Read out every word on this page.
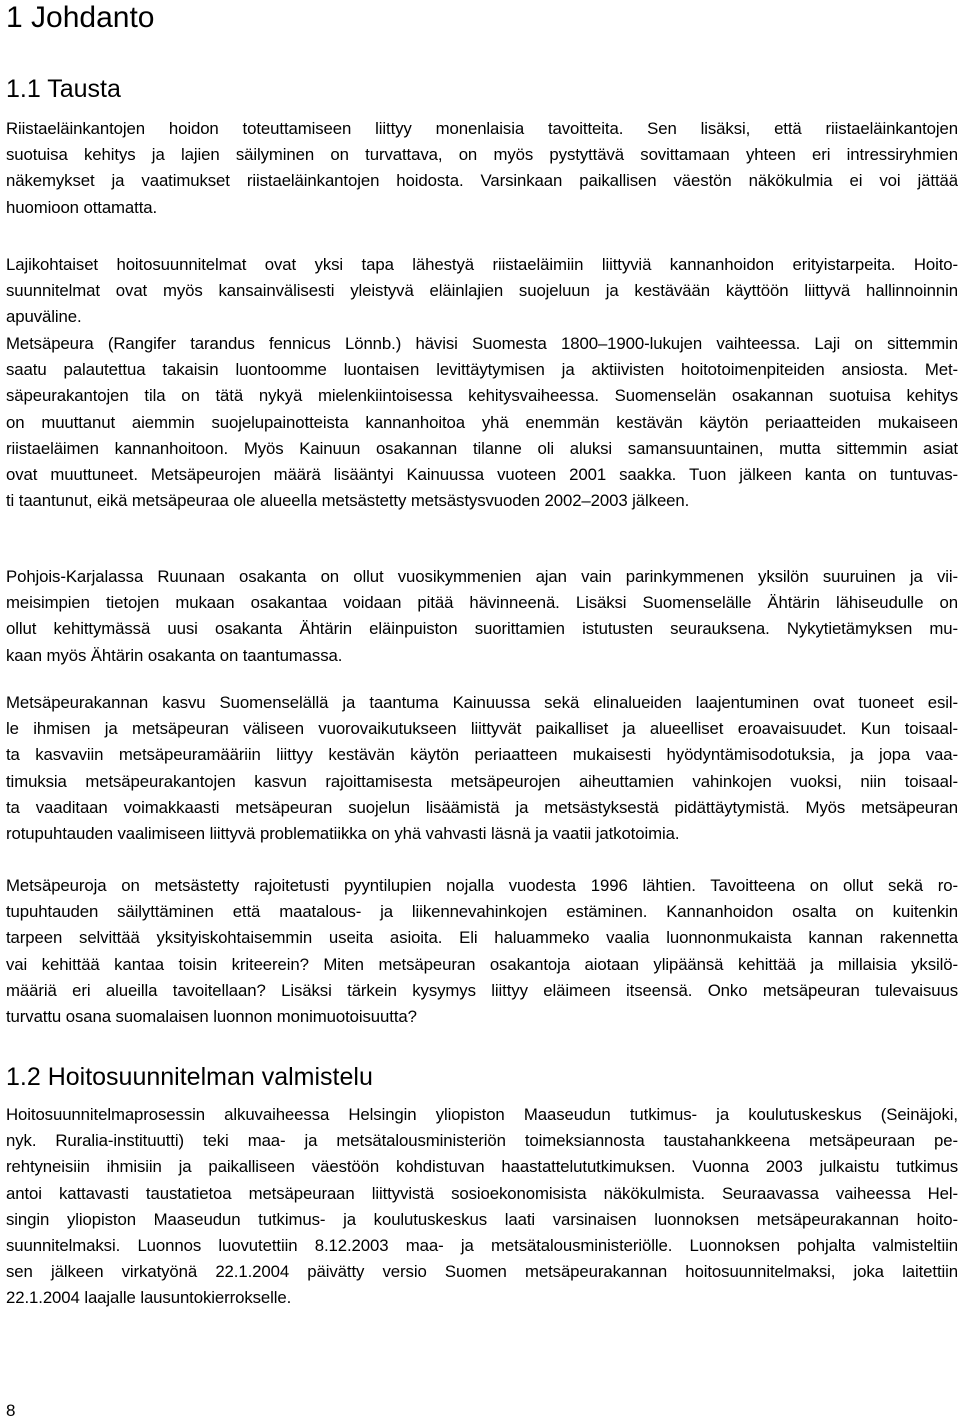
1 Johdanto
1.1 Tausta
Riistaeläinkantojen hoidon toteuttamiseen liittyy monenlaisia tavoitteita. Sen lisäksi, että riistaeläinkantojen
suotuisa kehitys ja lajien säilyminen on turvattava, on myös pystyttävä sovittamaan yhteen eri intressiryhmien
näkemykset ja vaatimukset riistaeläinkantojen hoidosta. Varsinkaan paikallisen väestön näkökulmia ei voi jättää
huomioon ottamatta.
Lajikohtaiset hoitosuunnitelmat ovat yksi tapa lähestyä riistaeläimiin liittyviä kannanhoidon erityistarpeita. Hoito-
suunnitelmat ovat myös kansainvälisesti yleistyvä eläinlajien suojeluun ja kestävään käyttöön liittyvä hallinnoinnin
apuväline.
Metsäpeura (Rangifer tarandus fennicus Lönnb.) hävisi Suomesta 1800–1900-lukujen vaihteessa. Laji on sittemmin
saatu palautettua takaisin luontoomme luontaisen levittäytymisen ja aktiivisten hoitotoimenpiteiden ansiosta. Met-
säpeurakantojen tila on tätä nykyä mielenkiintoisessa kehitysvaiheessa. Suomenselän osakannan suotuisa kehitys
on muuttanut aiemmin suojelupainotteista kannanhoitoa yhä enemmän kestävän käytön periaatteiden mukaiseen
riistaeläimen kannanhoitoon. Myös Kainuun osakannan tilanne oli aluksi samansuuntainen, mutta sittemmin asiat
ovat muuttuneet. Metsäpeurojen määrä lisääntyi Kainuussa vuoteen 2001 saakka. Tuon jälkeen kanta on tuntuvas-
ti taantunut, eikä metsäpeuraa ole alueella metsästetty metsästysvuoden 2002–2003 jälkeen.
Pohjois-Karjalassa Ruunaan osakanta on ollut vuosikymmenien ajan vain parinkymmenen yksilön suuruinen ja vii-
meisimpien tietojen mukaan osakantaa voidaan pitää hävinneenä. Lisäksi Suomenselälle Ähtärin lähiseudulle on
ollut kehittymässä uusi osakanta Ähtärin eläinpuiston suorittamien istutusten seurauksena. Nykytietämyksen mu-
kaan myös Ähtärin osakanta on taantumassa.
Metsäpeurakannan kasvu Suomenselällä ja taantuma Kainuussa sekä elinalueiden laajentuminen ovat tuoneet esil-
le ihmisen ja metsäpeuran väliseen vuorovaikutukseen liittyvät paikalliset ja alueelliset eroavaisuudet. Kun toisaal-
ta kasvaviin metsäpeuramääriin liittyy kestävän käytön periaatteen mukaisesti hyödyntämisodotuksia, ja jopa vaa-
timuksia metsäpeurakantojen kasvun rajoittamisesta metsäpeurojen aiheuttamien vahinkojen vuoksi, niin toisaal-
ta vaaditaan voimakkaasti metsäpeuran suojelun lisäämistä ja metsästyksestä pidättäytymistä. Myös metsäpeuran
rotupuhtauden vaalimiseen liittyvä problematiikka on yhä vahvasti läsnä ja vaatii jatkotoimia.
Metsäpeuroja on metsästetty rajoitetusti pyyntilupien nojalla vuodesta 1996 lähtien. Tavoitteena on ollut sekä ro-
tupuhtauden säilyttäminen että maatalous- ja liikennevahinkojen estäminen. Kannanhoidon osalta on kuitenkin
tarpeen selvittää yksityiskohtaisemmin useita asioita. Eli haluammeko vaalia luonnonmukaista kannan rakennetta
vai kehittää kantaa toisin kriteerein? Miten metsäpeuran osakantoja aiotaan ylipäänsä kehittää ja millaisia yksilö-
määriä eri alueilla tavoitellaan? Lisäksi tärkein kysymys liittyy eläimeen itseensä. Onko metsäpeuran tulevaisuus
turvattu osana suomalaisen luonnon monimuotoisuutta?
1.2 Hoitosuunnitelman valmistelu
Hoitosuunnitelmaprosessin alkuvaiheessa Helsingin yliopiston Maaseudun tutkimus- ja koulutuskeskus (Seinäjoki,
nyk. Ruralia-instituutti) teki maa- ja metsätalousministeriön toimeksiannosta taustahankkeena metsäpeuraan pe-
rehtyneisiin ihmisiin ja paikalliseen väestöön kohdistuvan haastattelututkimuksen. Vuonna 2003 julkaistu tutkimus
antoi kattavasti taustatietoa metsäpeuraan liittyvistä sosioekonomisista näkökulmista. Seuraavassa vaiheessa Hel-
singin yliopiston Maaseudun tutkimus- ja koulutuskeskus laati varsinaisen luonnoksen metsäpeurakannan hoito-
suunnitelmaksi. Luonnos luovutettiin 8.12.2003 maa- ja metsätalousministeriölle. Luonnoksen pohjalta valmisteltiin
sen jälkeen virkatyönä 22.1.2004 päivätty versio Suomen metsäpeurakannan hoitosuunnitelmaksi, joka laitettiin
22.1.2004 laajalle lausuntokierrokselle.
8
